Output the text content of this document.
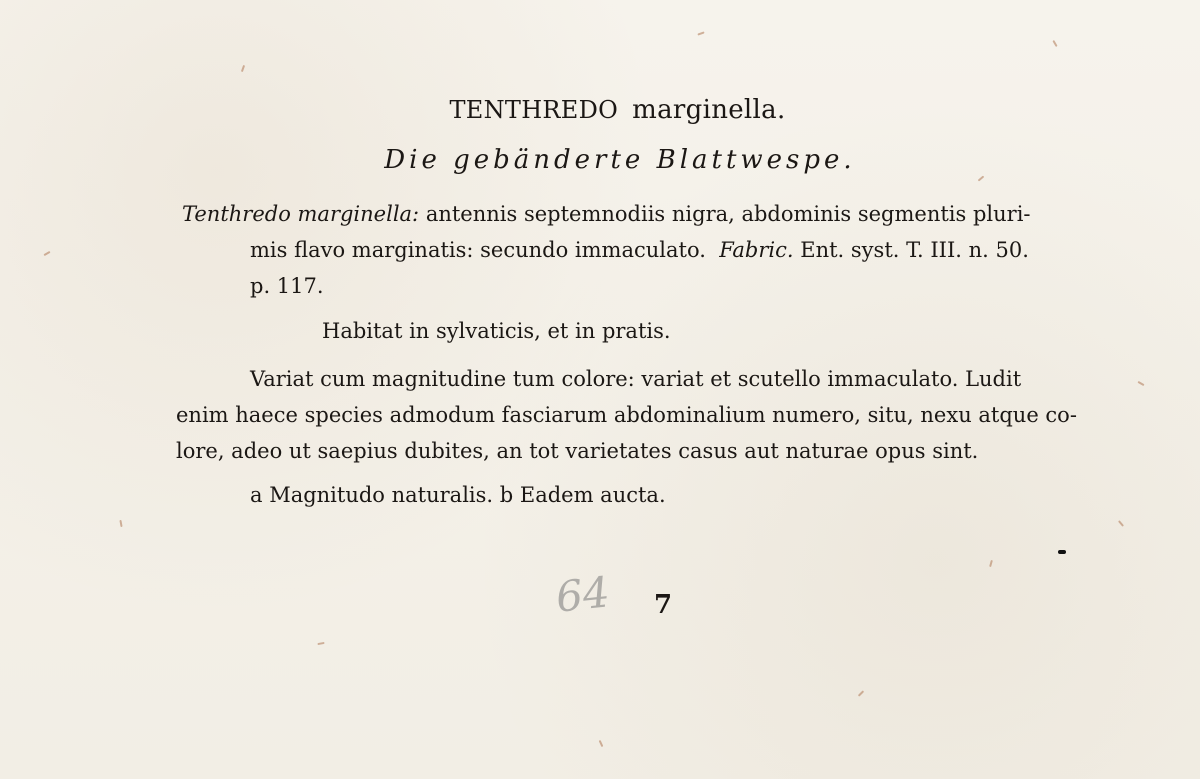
TENTHREDO marginella.
Die gebänderte Blattwespe.
Tenthredo marginella: antennis septemnodiis nigra, abdominis segmentis pluri-
mis flavo marginatis: secundo immaculato. Fabric. Ent. syst. T. III. n. 50.
p. 117.
Habitat in sylvaticis, et in pratis.
Variat cum magnitudine tum colore: variat et scutello immaculato. Ludit
enim haece species admodum fasciarum abdominalium numero, situ, nexu atque co-
lore, adeo ut saepius dubites, an tot varietates casus aut naturae opus sint.
a Magnitudo naturalis. b Eadem aucta.
64 7
